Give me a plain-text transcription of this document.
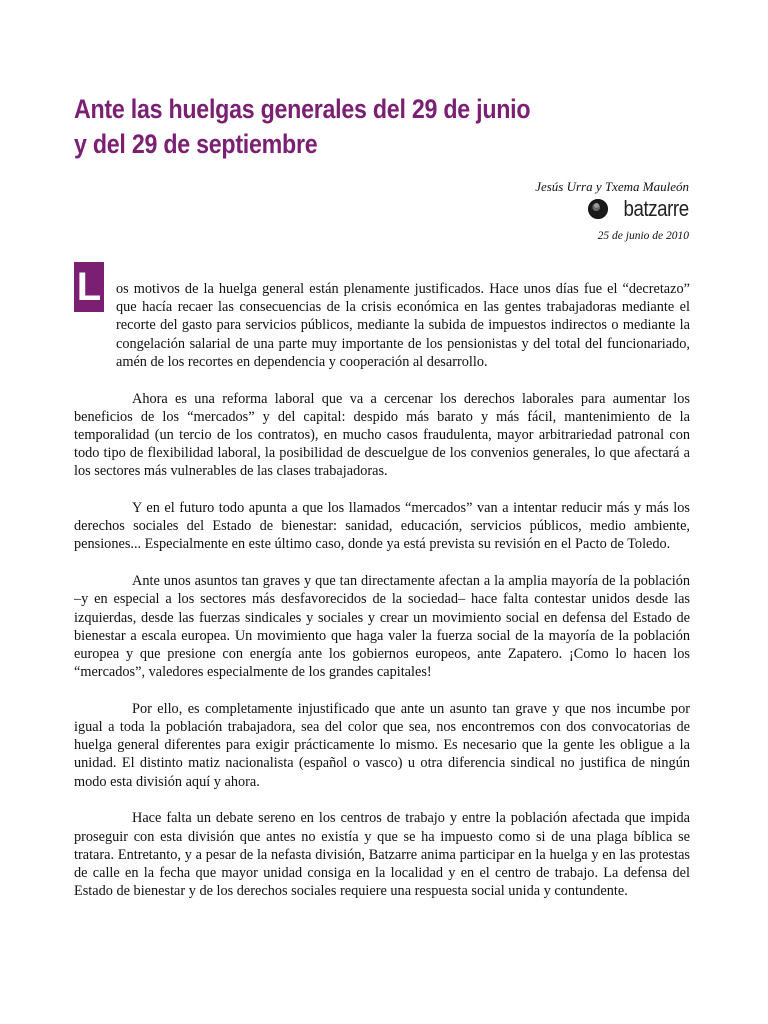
Ante las huelgas generales del 29 de junio
y del 29 de septiembre
Jesús Urra y Txema Mauleón
batzarre
25 de junio de 2010
L	os motivos de la huelga general están plenamente justificados. Hace unos días fue el “decretazo” que hacía recaer las consecuencias de la crisis económica en las gentes trabajadoras mediante el recorte del gasto para servicios públicos, mediante la subida de impuestos indirectos o mediante la congelación salarial de una parte muy importante de los pensionistas y del total del funcionariado, amén de los recortes en dependencia y cooperación al desarrollo.

Ahora es una reforma laboral que va a cercenar los derechos laborales para aumentar los beneficios de los “mercados” y del capital: despido más barato y más fácil, mantenimiento de la temporalidad (un tercio de los contratos), en mucho casos fraudulenta, mayor arbitrariedad patronal con todo tipo de flexibilidad laboral, la posibilidad de descuelgue de los convenios generales, lo que afectará a los sectores más vulnerables de las clases trabajadoras.

Y en el futuro todo apunta a que los llamados “mercados” van a intentar reducir más y más los derechos sociales del Estado de bienestar: sanidad, educación, servicios públicos, medio ambiente, pensiones... Especialmente en este último caso, donde ya está prevista su revisión en el Pacto de Toledo.

Ante unos asuntos tan graves y que tan directamente afectan a la amplia mayoría de la población –y en especial a los sectores más desfavorecidos de la sociedad– hace falta contestar unidos desde las izquierdas, desde las fuerzas sindicales y sociales y crear un movimiento social en defensa del Estado de bienestar a escala europea. Un movimiento que haga valer la fuerza social de la mayoría de la población europea y que presione con energía ante los gobiernos europeos, ante Zapatero. ¡Como lo hacen los “mercados”, valedores especialmente de los grandes capitales!

Por ello, es completamente injustificado que ante un asunto tan grave y que nos incumbe por igual a toda la población trabajadora, sea del color que sea, nos encontremos con dos convocatorias de huelga general diferentes para exigir prácticamente lo mismo. Es necesario que la gente les obligue a la unidad. El distinto matiz nacionalista (español o vasco) u otra diferencia sindical no justifica de ningún modo esta división aquí y ahora.

Hace falta un debate sereno en los centros de trabajo y entre la población afectada que impida proseguir con esta división que antes no existía y que se ha impuesto como si de una plaga bíblica se tratara. Entretanto, y a pesar de la nefasta división, Batzarre anima participar en la huelga y en las protestas de calle en la fecha que mayor unidad consiga en la localidad y en el centro de trabajo. La defensa del Estado de bienestar y de los derechos sociales requiere una respuesta social unida y contundente.
